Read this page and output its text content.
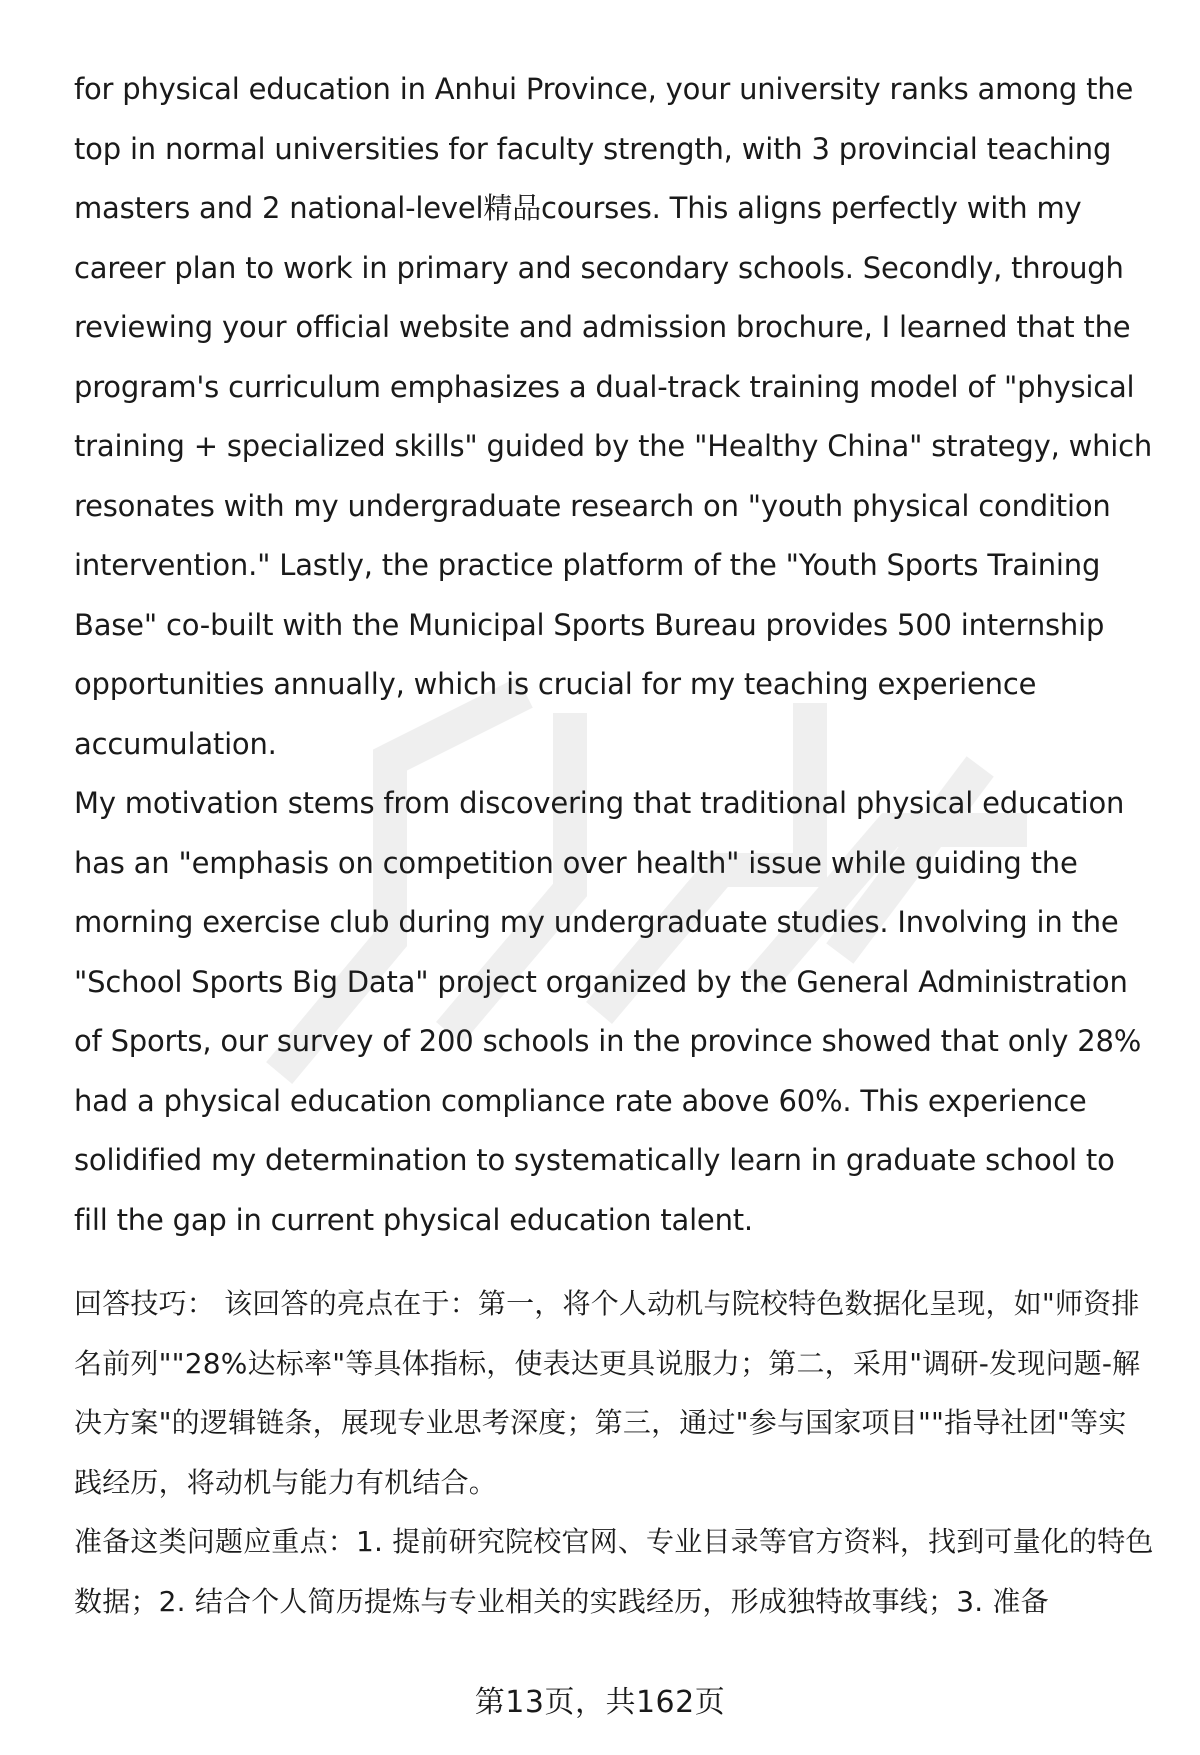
for physical education in Anhui Province, your university ranks among the top in normal universities for faculty strength, with 3 provincial teaching masters and 2 national-level精品courses. This aligns perfectly with my career plan to work in primary and secondary schools. Secondly, through reviewing your official website and admission brochure, I learned that the program's curriculum emphasizes a dual-track training model of "physical training + specialized skills" guided by the "Healthy China" strategy, which resonates with my undergraduate research on "youth physical condition intervention." Lastly, the practice platform of the "Youth Sports Training Base" co-built with the Municipal Sports Bureau provides 500 internship opportunities annually, which is crucial for my teaching experience accumulation.

My motivation stems from discovering that traditional physical education has an "emphasis on competition over health" issue while guiding the morning exercise club during my undergraduate studies. Involving in the "School Sports Big Data" project organized by the General Administration of Sports, our survey of 200 schools in the province showed that only 28% had a physical education compliance rate above 60%. This experience solidified my determination to systematically learn in graduate school to fill the gap in current physical education talent.

回答技巧： 该回答的亮点在于：第一，将个人动机与院校特色数据化呈现，如"师资排名前列""28%达标率"等具体指标，使表达更具说服力；第二，采用"调研-发现问题-解决方案"的逻辑链条，展现专业思考深度；第三，通过"参与国家项目""指导社团"等实践经历，将动机与能力有机结合。

准备这类问题应重点：1. 提前研究院校官网、专业目录等官方资料，找到可量化的特色数据；2. 结合个人简历提炼与专业相关的实践经历，形成独特故事线；3. 准备

第13页，共162页
